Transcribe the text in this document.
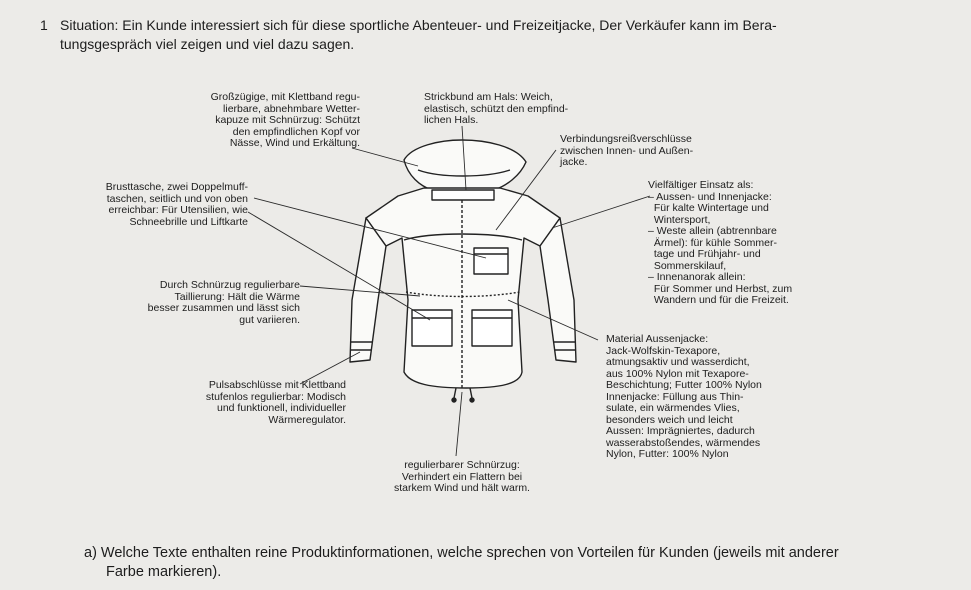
1 Situation: Ein Kunde interessiert sich für diese sportliche Abenteuer- und Freizeitjacke, Der Verkäufer kann im Bera-
tungsgespräch viel zeigen und viel dazu sagen.
Großzügige, mit Klettband regu-
lierbare, abnehmbare Wetter-
kapuze mit Schnürzug: Schützt
den empfindlichen Kopf vor
Nässe, Wind und Erkältung.
Strickbund am Hals: Weich,
elastisch, schützt den empfind-
lichen Hals.
Verbindungsreißverschlüsse
zwischen Innen- und Außen-
jacke.
Vielfältiger Einsatz als:
– Aussen- und Innenjacke:
Für kalte Wintertage und
Wintersport,
– Weste allein (abtrennbare
Ärmel): für kühle Sommer-
tage und Frühjahr- und
Sommerskilauf,
– Innenanorak allein:
Für Sommer und Herbst, zum
Wandern und für die Freizeit.
Brusttasche, zwei Doppelmuff-
taschen, seitlich und von oben
erreichbar: Für Utensilien, wie
Schneebrille und Liftkarte
Durch Schnürzug regulierbare
Taillierung: Hält die Wärme
besser zusammen und lässt sich
gut variieren.
Material Aussenjacke:
Jack-Wolfskin-Texapore,
atmungsaktiv und wasserdicht,
aus 100% Nylon mit Texapore-
Beschichtung; Futter 100% Nylon
Innenjacke: Füllung aus Thin-
sulate, ein wärmendes Vlies,
besonders weich und leicht
Aussen: Imprägniertes, dadurch
wasserabstoßendes, wärmendes
Nylon, Futter: 100% Nylon
Pulsabschlüsse mit Klettband
stufenlos regulierbar: Modisch
und funktionell, individueller
Wärmeregulator.
regulierbarer Schnürzug:
Verhindert ein Flattern bei
starkem Wind und hält warm.
a) Welche Texte enthalten reine Produktinformationen, welche sprechen von Vorteilen für Kunden (jeweils mit anderer
Farbe markieren).
